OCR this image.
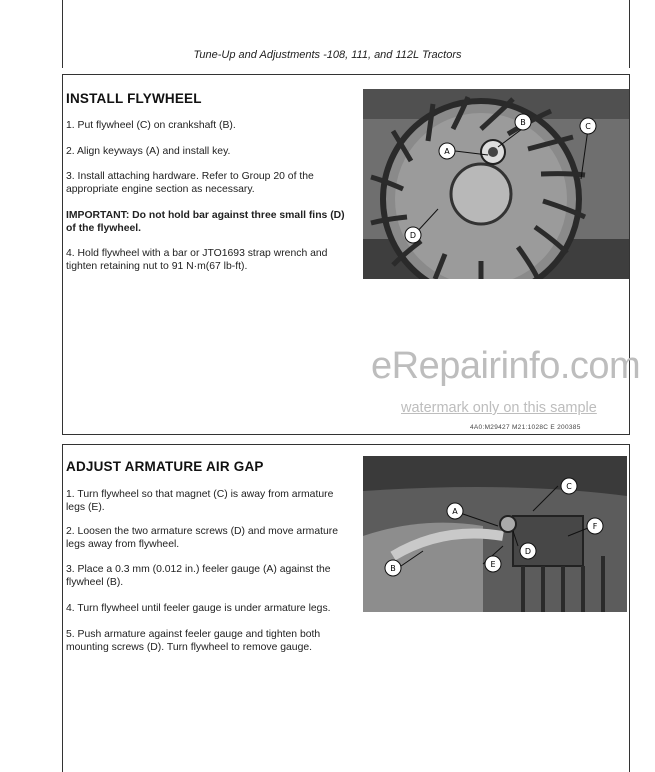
Tune-Up and Adjustments -108, 111, and 112L Tractors
INSTALL FLYWHEEL
1. Put flywheel (C) on crankshaft (B).
2. Align keyways (A) and install key.
3. Install attaching hardware. Refer to Group 20 of the appropriate engine section as necessary.
IMPORTANT: Do not hold bar against three small fins (D) of the flywheel.
4. Hold flywheel with a bar or JTO1693 strap wrench and tighten retaining nut to 91 N·m(67 lb-ft).
A
B	C
D
eRepairinfo.com
watermark only on this sample
4A0:M29427 M21:1028C E 200385
ADJUST ARMATURE AIR GAP
1. Turn flywheel so that magnet (C) is away from armature legs (E).
2. Loosen the two armature screws (D) and move armature legs away from flywheel.
3. Place a 0.3 mm (0.012 in.) feeler gauge (A) against the flywheel (B).
4. Turn flywheel until feeler gauge is under armature legs.
5. Push armature against feeler gauge and tighten both mounting screws (D). Turn flywheel to remove gauge.
A
B
C
D
E
F
